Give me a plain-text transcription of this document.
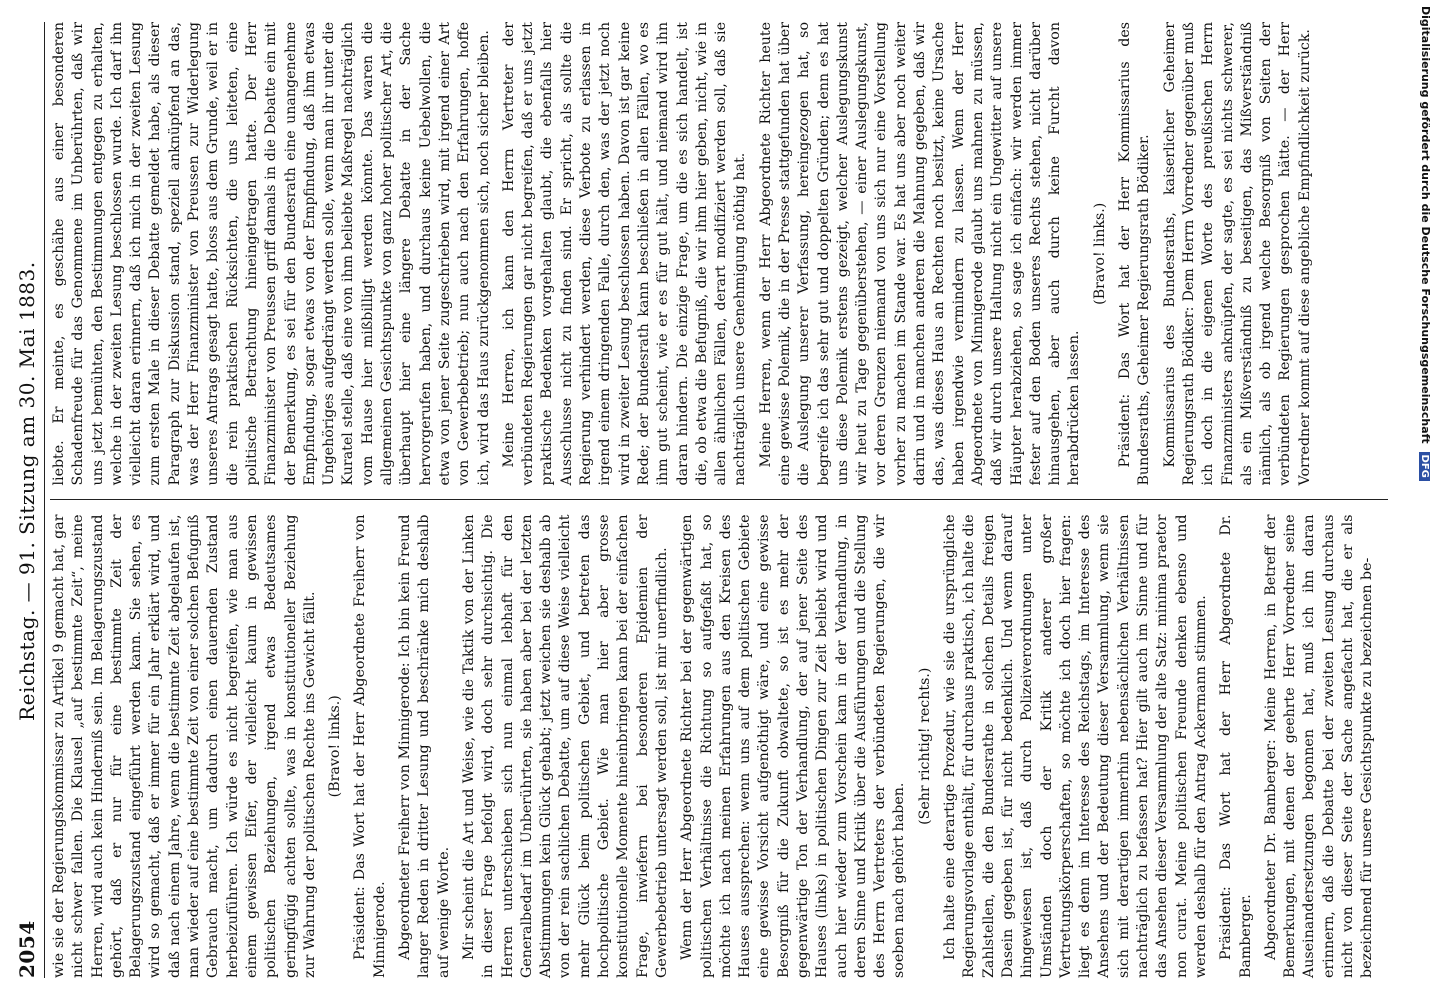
2054
Reichstag. — 91. Sitzung am 30. Mai 1883.

wie sie der Regierungskommissar zu Artikel 9 gemacht hat, gar nicht schwer fallen. Die Klausel „auf bestimmte Zeit“, meine Herren, wird auch kein Hinderniß sein. Im Belagerungszustand gehört, daß er nur für eine bestimmte Zeit der Belagerungszustand eingeführt werden kann. Sie sehen, es wird so gemacht, daß er immer für ein Jahr erklärt wird, und daß nach einem Jahre, wenn die bestimmte Zeit abgelaufen ist, man wieder auf eine bestimmte Zeit von einer solchen Befugniß Gebrauch macht, um dadurch einen dauernden Zustand herbeizuführen. Ich würde es nicht begreifen, wie man aus einem gewissen Eifer, der vielleicht kaum in gewissen politischen Beziehungen, irgend etwas Bedeutsames geringfügig achten sollte, was in konstitutioneller Beziehung zur Wahrung der politischen Rechte ins Gewicht fällt. (Bravo! links.) Präsident: Das Wort hat der Herr Abgeordnete Freiherr von Minnigerode. Abgeordneter Freiherr von Minnigerode: Ich bin kein Freund langer Reden in dritter Lesung und beschränke mich deshalb auf wenige Worte. Mir scheint die Art und Weise, wie die Taktik von der Linken in dieser Frage befolgt wird, doch sehr durchsichtig. Die Herren unterschieben sich nun einmal lebhaft für den Generalbedarf im Unberührten, sie haben aber bei der letzten Abstimmungen kein Glück gehabt; jetzt weichen sie deshalb ab von der rein sachlichen Debatte, um auf diese Weise vielleicht mehr Glück beim politischen Gebiet, und betreten das hochpolitische Gebiet. Wie man hier aber grosse konstitutionelle Momente hineinbringen kann bei der einfachen Frage, inwiefern bei besonderen Epidemien der Gewerbebetrieb untersagt werden soll, ist mir unerfindlich. Wenn der Herr Abgeordnete Richter bei der gegenwärtigen politischen Verhältnisse die Richtung so aufgefaßt hat, so möchte ich nach meinen Erfahrungen aus den Kreisen des Hauses aussprechen: wenn uns auf dem politischen Gebiete eine gewisse Vorsicht aufgenöthigt wäre, und eine gewisse Besorgniß für die Zukunft obwaltete, so ist es mehr der gegenwärtige Ton der Verhandlung, der auf jener Seite des Hauses (links) in politischen Dingen zur Zeit beliebt wird und auch hier wieder zum Vorschein kam in der Verhandlung, in deren Sinne und Kritik über die Ausführungen und die Stellung des Herrn Vertreters der verbündeten Regierungen, die wir soeben nach gehört haben.

(Sehr richtig! rechts.) Ich halte eine derartige Prozedur, wie sie die ursprüngliche Regierungsvorlage enthält, für durchaus praktisch, ich halte die Zahlstellen, die den Bundesrathe in solchen Details freigen Dasein gegeben ist, für nicht bedenklich. Und wenn darauf hingewiesen ist, daß durch Polizeiverordnungen unter Umständen doch der Kritik anderer großer Vertretungskörperschaften, so möchte ich doch hier fragen: liegt es denn im Interesse des Reichstags, im Interesse des Ansehens und der Bedeutung dieser Versammlung, wenn sie sich mit derartigen immerhin nebensächlichen Verhältnissen nachträglich zu befassen hat? Hier gilt auch im Sinne und für das Ansehen dieser Versammlung der alte Satz: minima praetor non curat. Meine politischen Freunde denken ebenso und werden deshalb für den Antrag Ackermann stimmen. Präsident: Das Wort hat der Herr Abgeordnete Dr. Bamberger. Abgeordneter Dr. Bamberger: Meine Herren, in Betreff der Bemerkungen, mit denen der geehrte Herr Vorredner seine Auseinandersetzungen begonnen hat, muß ich ihn daran erinnern, daß die Debatte bei der zweiten Lesung durchaus nicht von dieser Seite der Sache angefacht hat, die er als bezeichnend für unsere Gesichtspunkte zu bezeichnen be-

liebte. Er meinte, es geschähe aus einer besonderen Schadenfreude für das Genommene im Unberührten, daß wir uns jetzt bemühten, den Bestimmungen entgegen zu erhalten, welche in der zweiten Lesung beschlossen wurde. Ich darf ihn vielleicht daran erinnern, daß ich mich in der zweiten Lesung zum ersten Male in dieser Debatte gemeldet habe, als dieser Paragraph zur Diskussion stand, speziell anknüpfend an das, was der Herr Finanzminister von Preussen zur Widerlegung unseres Antrags gesagt hatte, bloss aus dem Grunde, weil er in die rein praktischen Rücksichten, die uns leiteten, eine politische Betrachtung hineingetragen hatte. Der Herr Finanzminister von Preussen griff damals in die Debatte ein mit der Bemerkung, es sei für den Bundesrath eine unangenehme Empfindung, sogar etwas von der Empfindung, daß ihm etwas Ungehöriges aufgedrängt werden solle, wenn man ihr unter die Kuratel stelle, daß eine von ihm beliebte Maßregel nachträglich vom Hause hier mißbilligt werden könnte. Das waren die allgemeinen Gesichtspunkte von ganz hoher politischer Art, die überhaupt hier eine längere Debatte in der Sache hervorgerufen haben, und durchaus keine Uebelwollen, die etwa von jener Seite zugeschrieben wird, mit irgend einer Art von Gewerbebetrieb; nun auch nach den Erfahrungen, hoffe ich, wird das Haus zurückgenommen sich, noch sicher bleiben. Meine Herren, ich kann den Herrn Vertreter der verbündeten Regierungen gar nicht begreifen, daß er uns jetzt praktische Bedenken vorgehalten glaubt, die ebenfalls hier Ausschlusse nicht zu finden sind. Er spricht, als sollte die Regierung verhindert werden, diese Verbote zu erlassen in irgend einem dringenden Falle, durch den, was der jetzt noch wird in zweiter Lesung beschlossen haben. Davon ist gar keine Rede; der Bundesrath kann beschließen in allen Fällen, wo es ihm gut scheint, wie er es für gut hält, und niemand wird ihn daran hindern. Die einzige Frage, um die es sich handelt, ist die, ob etwa die Befugniß, die wir ihm hier geben, nicht, wie in allen ähnlichen Fällen, derart modifiziert werden soll, daß sie nachträglich unsere Genehmigung nöthig hat. Meine Herren, wenn der Herr Abgeordnete Richter heute eine gewisse Polemik, die in der Presse stattgefunden hat über die Auslegung unserer Verfassung, hereingezogen hat, so begreife ich das sehr gut und doppelten Gründen; denn es hat uns diese Polemik erstens gezeigt, welcher Auslegungskunst wir heut zu Tage gegenüberstehen, — einer Auslegungskunst, vor deren Grenzen niemand von uns sich nur eine Vorstellung vorher zu machen im Stande war. Es hat uns aber noch weiter darin und in manchen anderen die Mahnung gegeben, daß wir das, was dieses Haus an Rechten noch besitzt, keine Ursache haben irgendwie vermindern zu lassen. Wenn der Herr Abgeordnete von Minnigerode glaubt uns mahnen zu müssen, daß wir durch unsere Haltung nicht ein Ungewitter auf unsere Häupter herabziehen, so sage ich einfach: wir werden immer fester auf den Boden unseres Rechts stehen, nicht darüber hinausgehen, aber auch durch keine Furcht davon herabdrücken lassen.

(Bravo! links.) Präsident: Das Wort hat der Herr Kommissarius des Bundesraths, Geheimer Regierungsrath Bödiker. Kommissarius des Bundesraths, kaiserlicher Geheimer Regierungsrath Bödiker: Dem Herrn Vorredner gegenüber muß ich doch in die eigenen Worte des preußischen Herrn Finanzministers anknüpfen, der sagte, es sei nichts schwerer, als ein Mißverständniß zu beseitigen, das Mißverständniß nämlich, als ob irgend welche Besorgniß von Seiten der verbündeten Regierungen gesprochen hätte. — der Herr Vorredner kommt auf diese angebliche Empfindlichkeit zurück.	Digitalisierung gefördert durch die Deutsche Forschungsgemeinschaft DFG
